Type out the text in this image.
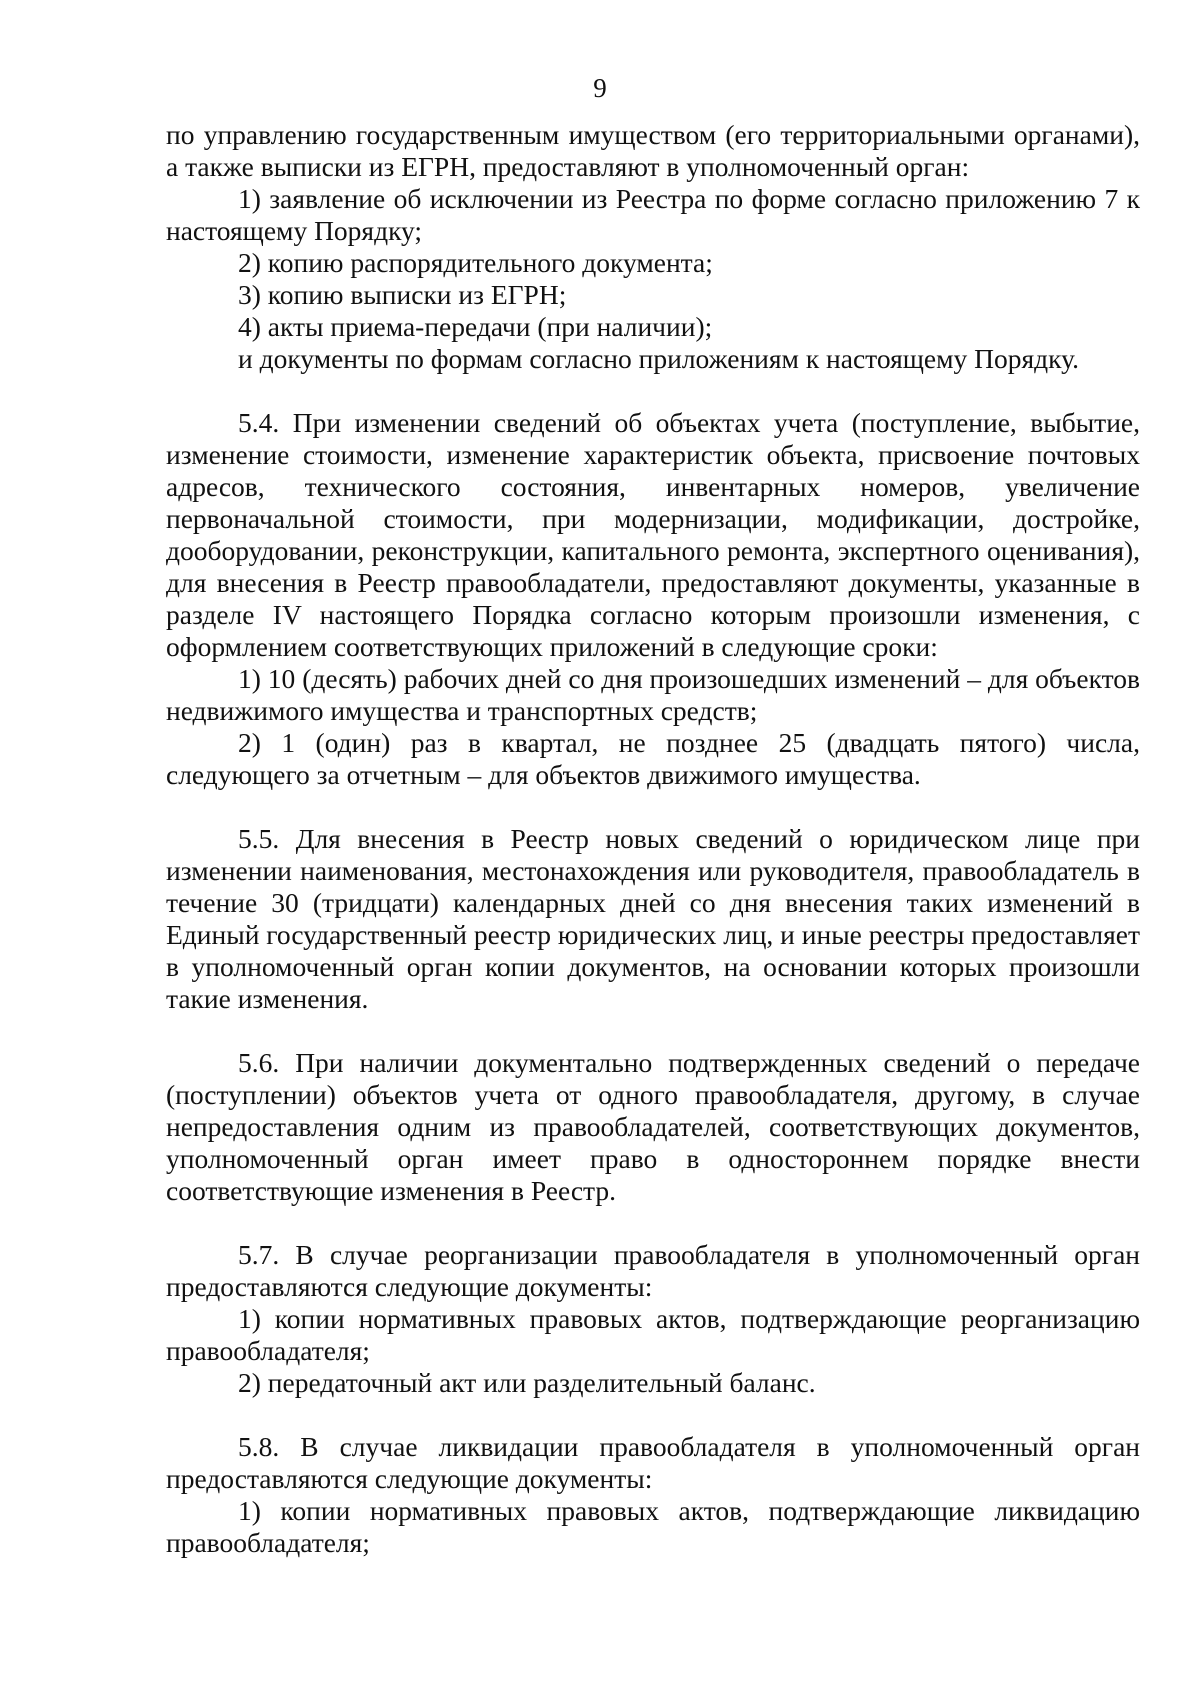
9

по управлению государственным имуществом (его территориальными органами), а также выписки из ЕГРН, предоставляют в уполномоченный орган:

1) заявление об исключении из Реестра по форме согласно приложению 7 к настоящему Порядку;

2) копию распорядительного документа;

3) копию выписки из ЕГРН;

4) акты приема-передачи (при наличии);

и документы по формам согласно приложениям к настоящему Порядку.

5.4. При изменении сведений об объектах учета (поступление, выбытие, изменение стоимости, изменение характеристик объекта, присвоение почтовых адресов, технического состояния, инвентарных номеров, увеличение первоначальной стоимости, при модернизации, модификации, достройке, дооборудовании, реконструкции, капитального ремонта, экспертного оценивания), для внесения в Реестр правообладатели, предоставляют документы, указанные в разделе IV настоящего Порядка согласно которым произошли изменения, с оформлением соответствующих приложений в следующие сроки:

1) 10 (десять) рабочих дней со дня произошедших изменений – для объектов недвижимого имущества и транспортных средств;

2) 1 (один) раз в квартал, не позднее 25 (двадцать пятого) числа, следующего за отчетным – для объектов движимого имущества.

5.5. Для внесения в Реестр новых сведений о юридическом лице при изменении наименования, местонахождения или руководителя, правообладатель в течение 30 (тридцати) календарных дней со дня внесения таких изменений в Единый государственный реестр юридических лиц, и иные реестры предоставляет в уполномоченный орган копии документов, на основании которых произошли такие изменения.

5.6. При наличии документально подтвержденных сведений о передаче (поступлении) объектов учета от одного правообладателя, другому, в случае непредоставления одним из правообладателей, соответствующих документов, уполномоченный орган имеет право в одностороннем порядке внести соответствующие изменения в Реестр.

5.7. В случае реорганизации правообладателя в уполномоченный орган предоставляются следующие документы:

1) копии нормативных правовых актов, подтверждающие реорганизацию правообладателя;

2) передаточный акт или разделительный баланс.

5.8. В случае ликвидации правообладателя в уполномоченный орган предоставляются следующие документы:

1) копии нормативных правовых актов, подтверждающие ликвидацию правообладателя;
